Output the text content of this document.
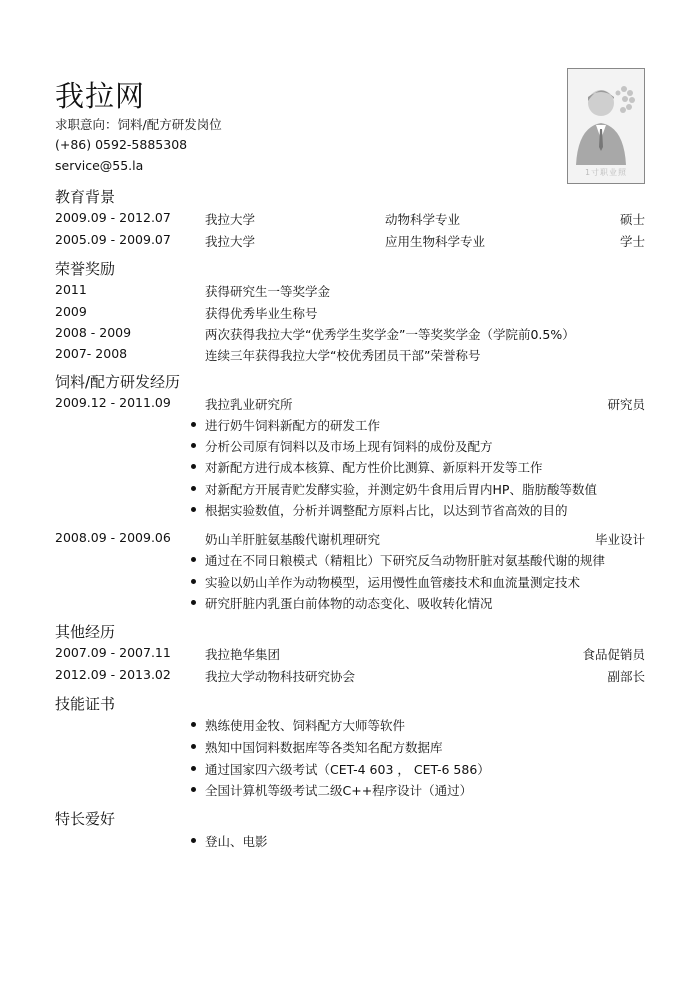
我拉网
求职意向：饲料/配方研发岗位
(+86) 0592-5885308
service@55.la	1寸职业照
教育背景
2009.09 - 2012.07	我拉大学	动物科学专业	硕士
2005.09 - 2009.07	我拉大学	应用生物科学专业	学士
荣誉奖励
2011	获得研究生一等奖学金
2009	获得优秀毕业生称号
2008 - 2009	两次获得我拉大学“优秀学生奖学金”一等奖奖学金（学院前0.5%）
2007- 2008	连续三年获得我拉大学“校优秀团员干部”荣誉称号
饲料/配方研发经历
2009.12 - 2011.09	我拉乳业研究所	研究员
进行奶牛饲料新配方的研发工作
分析公司原有饲料以及市场上现有饲料的成份及配方
对新配方进行成本核算、配方性价比测算、新原料开发等工作
对新配方开展青贮发酵实验，并测定奶牛食用后胃内HP、脂肪酸等数值
根据实验数值，分析并调整配方原料占比，以达到节省高效的目的
2008.09 - 2009.06	奶山羊肝脏氨基酸代谢机理研究	毕业设计
通过在不同日粮模式（精粗比）下研究反刍动物肝脏对氨基酸代谢的规律
实验以奶山羊作为动物模型，运用慢性血管瘘技术和血流量测定技术
研究肝脏内乳蛋白前体物的动态变化、吸收转化情况
其他经历
2007.09 - 2007.11	我拉艳华集团	食品促销员
2012.09 - 2013.02	我拉大学动物科技研究协会	副部长
技能证书
熟练使用金牧、饲料配方大师等软件
熟知中国饲料数据库等各类知名配方数据库
通过国家四六级考试（CET-4 603 ， CET-6 586）
全国计算机等级考试二级C++程序设计（通过）
特长爱好
登山、电影
